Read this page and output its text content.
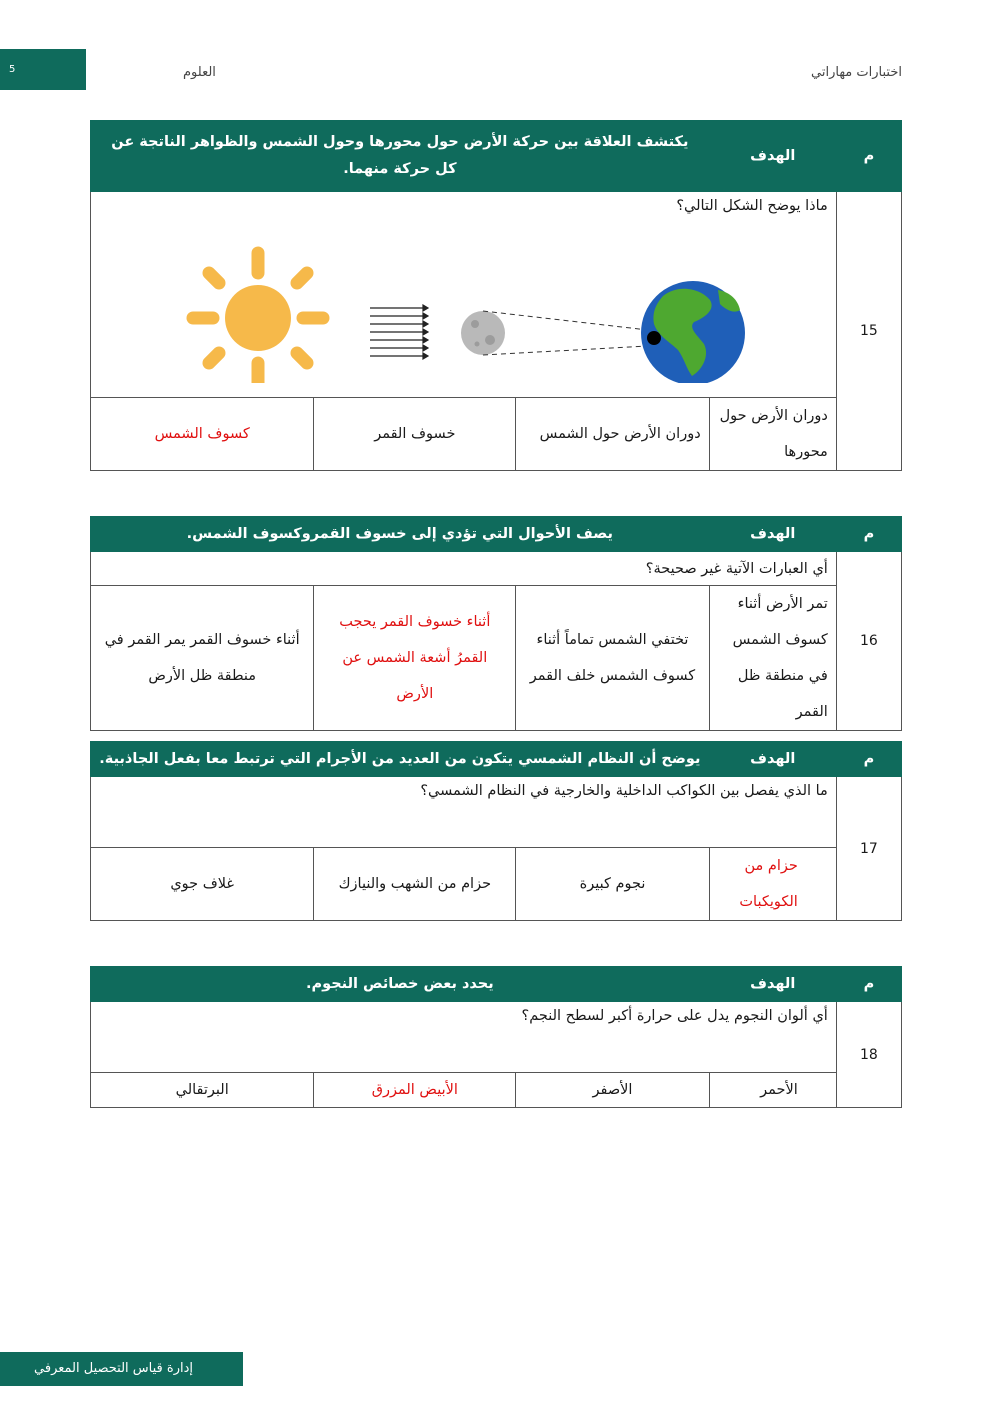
5	العلوم	اختبارات مهاراتي
م	الهدف	يكتشف العلاقة بين حركة الأرض حول محورها وحول الشمس والظواهر الناتجة عن كل حركة منهما.		
15	ماذا يوضح الشكل التالي؟			

	دوران الأرض حول محورها	دوران الأرض حول الشمس	خسوف القمر	كسوف الشمس
م	الهدف	يصف الأحوال التي تؤدي إلى خسوف القمروكسوف الشمس.		
16	أي العبارات الآتية غير صحيحة؟			
	تمر الأرض أثناء كسوف الشمس في منطقة ظل القمر	تختفي الشمس تماماً أثناء كسوف الشمس خلف القمر	أثناء خسوف القمر يحجب القمرُ أشعة الشمس عن الأرض	أثناء خسوف القمر يمر القمر في منطقة ظل الأرض
م	الهدف	يوضح أن النظام الشمسي يتكون من العديد من الأجرام التي ترتبط معا بفعل الجاذبية.		
17	ما الذي يفصل بين الكواكب الداخلية والخارجية في النظام الشمسي؟			
	حزام من الكويكبات	نجوم كبيرة	حزام من الشهب والنيازك	غلاف جوي
م	الهدف	يحدد بعض خصائص النجوم.		
18	أي ألوان النجوم يدل على حرارة أكبر لسطح النجم؟			
	الأحمر	الأصفر	الأبيض المزرق	البرتقالي
إدارة قياس التحصيل المعرفي
